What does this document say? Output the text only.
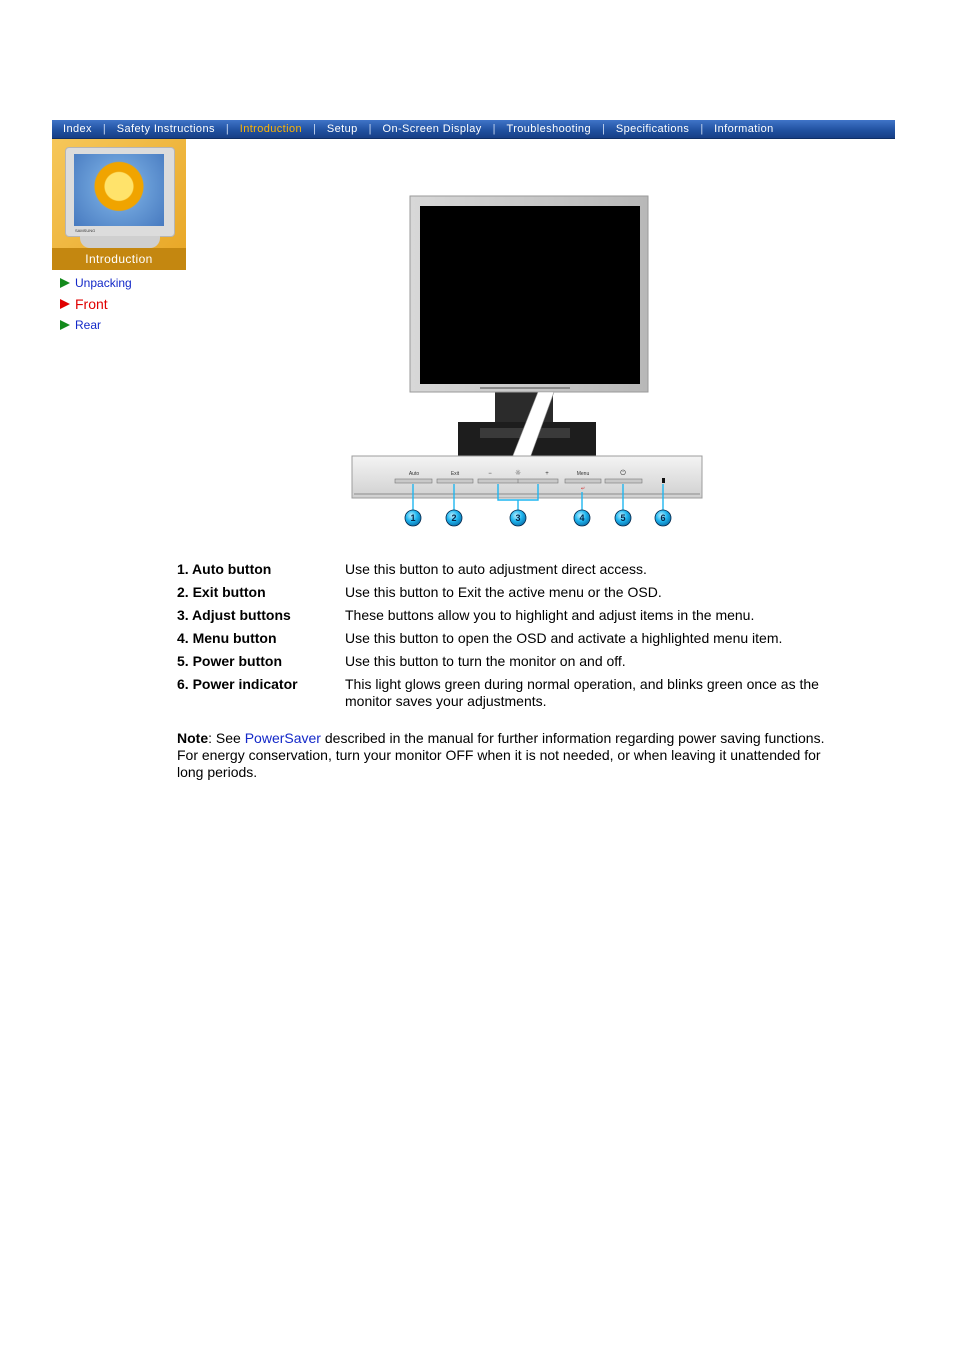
Index	|	Safety Instructions	|	Introduction	|	Setup	|	On-Screen Display	|	Troubleshooting	|	Specifications	|	Information
SAMSUNG
Introduction
Unpacking
Front
Rear
Auto	Exit	−	☼	+	Menu	⏻
↵
1	2	3	4	5	6
1. Auto button	Use this button to auto adjustment direct access.
2. Exit button	Use this button to Exit the active menu or the OSD.
3. Adjust buttons	These buttons allow you to highlight and adjust items in the menu.
4. Menu button	Use this button to open the OSD and activate a highlighted menu item.
5. Power button	Use this button to turn the monitor on and off.
6. Power indicator	This light glows green during normal operation, and blinks green once as the monitor saves your adjustments.
Note: See PowerSaver described in the manual for further information regarding power saving functions. For energy conservation, turn your monitor OFF when it is not needed, or when leaving it unattended for long periods.
